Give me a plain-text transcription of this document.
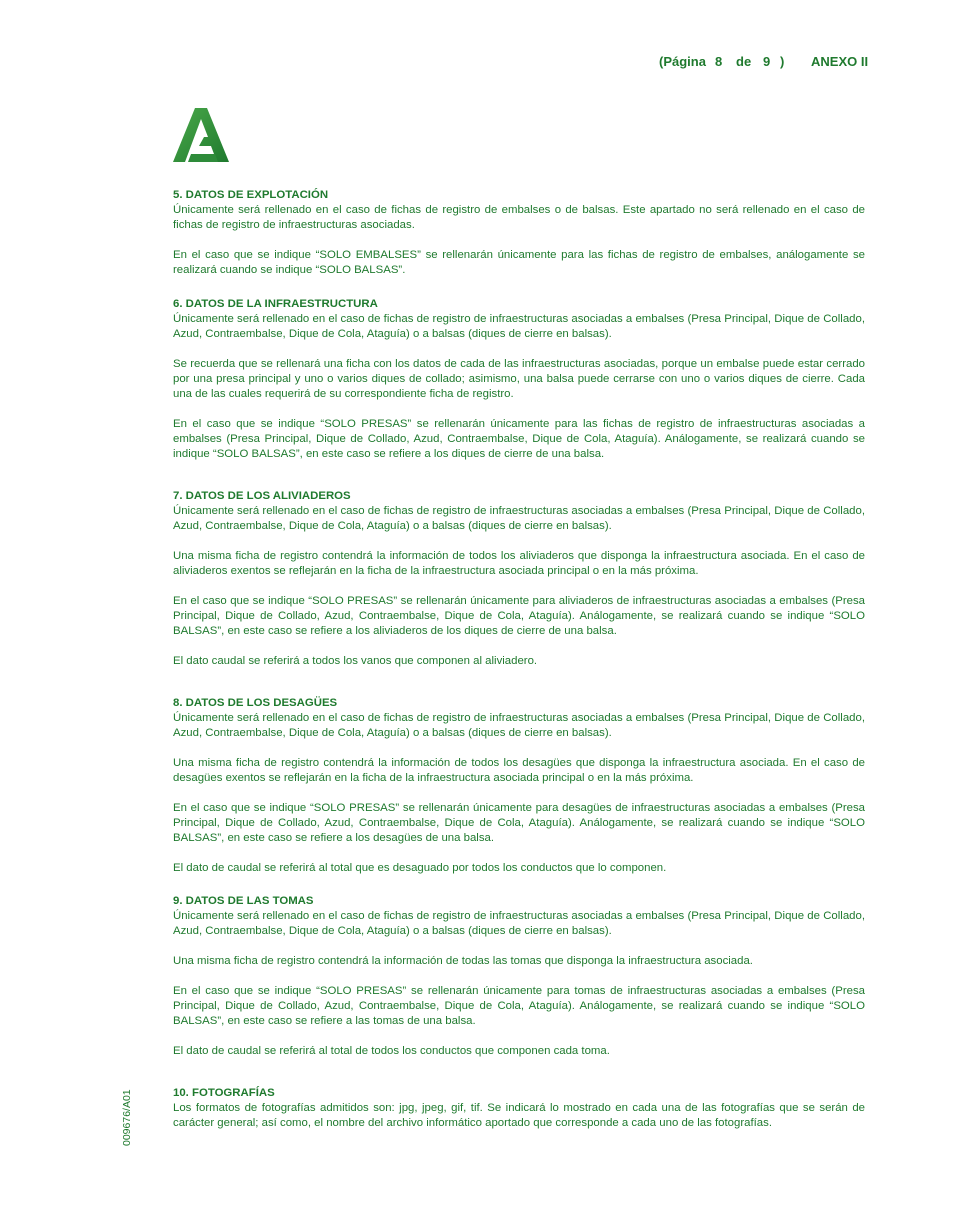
(Página 8 de 9 ) ANEXO II
5. DATOS DE EXPLOTACIÓN
Únicamente será rellenado en el caso de fichas de registro de embalses o de balsas. Este apartado no será rellenado en el caso de fichas de registro de infraestructuras asociadas.
En el caso que se indique “SOLO EMBALSES” se rellenarán únicamente para las fichas de registro de embalses, análogamente se realizará cuando se indique “SOLO BALSAS”.
6. DATOS DE LA INFRAESTRUCTURA
Únicamente será rellenado en el caso de fichas de registro de infraestructuras asociadas a embalses (Presa Principal, Dique de Collado, Azud, Contraembalse, Dique de Cola, Ataguía) o a balsas (diques de cierre en balsas).
Se recuerda que se rellenará una ficha con los datos de cada de las infraestructuras asociadas, porque un embalse puede estar cerrado por una presa principal y uno o varios diques de collado; asimismo, una balsa puede cerrarse con uno o varios diques de cierre. Cada una de las cuales requerirá de su correspondiente ficha de registro.
En el caso que se indique “SOLO PRESAS” se rellenarán únicamente para las fichas de registro de infraestructuras asociadas a embalses (Presa Principal, Dique de Collado, Azud, Contraembalse, Dique de Cola, Ataguía). Análogamente, se realizará cuando se indique “SOLO BALSAS”, en este caso se refiere a los diques de cierre de una balsa.
7. DATOS DE LOS ALIVIADEROS
Únicamente será rellenado en el caso de fichas de registro de infraestructuras asociadas a embalses (Presa Principal, Dique de Collado, Azud, Contraembalse, Dique de Cola, Ataguía) o a balsas (diques de cierre en balsas).
Una misma ficha de registro contendrá la información de todos los aliviaderos que disponga la infraestructura asociada. En el caso de aliviaderos exentos se reflejarán en la ficha de la infraestructura asociada principal o en la más próxima.
En el caso que se indique “SOLO PRESAS” se rellenarán únicamente para aliviaderos de infraestructuras asociadas a embalses (Presa Principal, Dique de Collado, Azud, Contraembalse, Dique de Cola, Ataguía). Análogamente, se realizará cuando se indique “SOLO BALSAS”, en este caso se refiere a los aliviaderos de los diques de cierre de una balsa.
El dato caudal se referirá a todos los vanos que componen al aliviadero.
8. DATOS DE LOS DESAGÜES
Únicamente será rellenado en el caso de fichas de registro de infraestructuras asociadas a embalses (Presa Principal, Dique de Collado, Azud, Contraembalse, Dique de Cola, Ataguía) o a balsas (diques de cierre en balsas).
Una misma ficha de registro contendrá la información de todos los desagües que disponga la infraestructura asociada. En el caso de desagües exentos se reflejarán en la ficha de la infraestructura asociada principal o en la más próxima.
En el caso que se indique “SOLO PRESAS” se rellenarán únicamente para desagües de infraestructuras asociadas a embalses (Presa Principal, Dique de Collado, Azud, Contraembalse, Dique de Cola, Ataguía). Análogamente, se realizará cuando se indique “SOLO BALSAS”, en este caso se refiere a los desagües de una balsa.
El dato de caudal se referirá al total que es desaguado por todos los conductos que lo componen.
9. DATOS DE LAS TOMAS
Únicamente será rellenado en el caso de fichas de registro de infraestructuras asociadas a embalses (Presa Principal, Dique de Collado, Azud, Contraembalse, Dique de Cola, Ataguía) o a balsas (diques de cierre en balsas).
Una misma ficha de registro contendrá la información de todas las tomas que disponga la infraestructura asociada.
En el caso que se indique “SOLO PRESAS” se rellenarán únicamente para tomas de infraestructuras asociadas a embalses (Presa Principal, Dique de Collado, Azud, Contraembalse, Dique de Cola, Ataguía). Análogamente, se realizará cuando se indique “SOLO BALSAS”, en este caso se refiere a las tomas de una balsa.
El dato de caudal se referirá al total de todos los conductos que componen cada toma.
10. FOTOGRAFÍAS
Los formatos de fotografías admitidos son: jpg, jpeg, gif, tif. Se indicará lo mostrado en cada una de las fotografías que se serán de carácter general; así como, el nombre del archivo informático aportado que corresponde a cada uno de las fotografías.
009676/A01
